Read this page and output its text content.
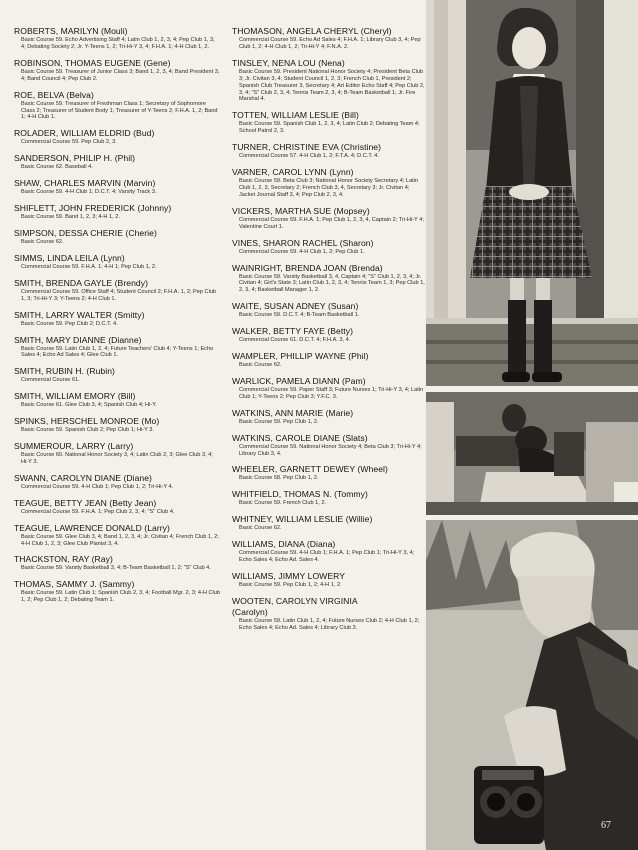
ROBERTS, MARILYN (Mouli)
Basic Course 59. Echo Advertising Staff 4; Latin Club 1, 2, 3, 4; Pep Club 1, 3, 4; Debating Society 2; Jr. Y-Teens 1, 2; Tri-Hi-Y 3, 4; F.H.A. 1; 4-H Club 1, 2.
ROBINSON, THOMAS EUGENE (Gene)
Basic Course 59. Treasurer of Junior Class 3; Band 1, 2, 3, 4; Band President 3, 4; Band Council 4; Pep Club 2.
ROE, BELVA (Belva)
Basic Course 59. Treasurer of Freshman Class 1; Secretary of Sophomore Class 2; Treasurer of Student Body 1; Treasurer of Y-Teens 2; F.H.A. 1, 2; Band 1; 4-H Club 1.
ROLADER, WILLIAM ELDRID (Bud)
Commercial Course 59. Pep Club 2, 3.
SANDERSON, PHILIP H. (Phil)
Basic Course 62. Baseball 4.
SHAW, CHARLES MARVIN (Marvin)
Basic Course 59. 4-H Club 1; D.C.T. 4; Varsity Track 3.
SHIFLETT, JOHN FREDERICK (Johnny)
Basic Course 59. Band 1, 2, 3; 4-H 1, 2.
SIMPSON, DESSA CHERIE (Cherie)
Basic Course 62.
SIMMS, LINDA LEILA (Lynn)
Commercial Course 59. F.H.A. 1; 4-H 1; Pep Club 1, 2.
SMITH, BRENDA GAYLE (Brendy)
Commercial Course 59. Office Staff 4; Student Council 2; F.H.A. 1, 2; Pep Club 1, 3; Tri-Hi-Y 3; Y-Teens 2; 4-H Club 1.
SMITH, LARRY WALTER (Smitty)
Basic Course 59. Pep Club 2; D.C.T. 4.
SMITH, MARY DIANNE (Dianne)
Basic Course 59. Latin Club 1, 2, 4; Future Teachers' Club 4; Y-Teens 1; Echo Sales 4; Echo Ad Sales 4; Glee Club 1.
SMITH, RUBIN H. (Rubin)
Commercial Course 61.
SMITH, WILLIAM EMORY (Bill)
Basic Course 61. Glee Club 3, 4; Spanish Club 4; Hi-Y.
SPINKS, HERSCHEL MONROE (Mo)
Basic Course 59. Spanish Club 2; Pep Club 1; Hi-Y 3.
SUMMEROUR, LARRY (Larry)
Basic Course 60. National Honor Society 3, 4; Latin Club 2, 3; Glee Club 3, 4; Hi-Y 3.
SWANN, CAROLYN DIANE (Diane)
Commercial Course 59. 4-H Club 1; Pep Club 1, 2; Tri-Hi-Y 4.
TEAGUE, BETTY JEAN (Betty Jean)
Commercial Course 59. F.H.A. 1; Pep Club 2, 3, 4; "S" Club 4.
TEAGUE, LAWRENCE DONALD (Larry)
Basic Course 59. Glee Club 3, 4; Band 1, 2, 3, 4; Jr. Civitan 4; French Club 1, 2; 4-H Club 1, 2, 3; Glee Club Pianist 3, 4.
THACKSTON, RAY (Ray)
Basic Course 59. Varsity Basketball 3, 4; B-Team Basketball 1, 2; "S" Club 4.
THOMAS, SAMMY J. (Sammy)
Basic Course 59. Latin Club 1; Spanish Club 2, 3, 4; Football Mgr. 2, 3; 4-H Club 1, 2; Pep Club 1, 2; Debating Team 1.
THOMASON, ANGELA CHERYL (Cheryl)
Commercial Course 59. Echo Ad Sales 4; F.H.A. 1; Library Club 3, 4; Pep Club 1, 2; 4-H Club 1, 2; Tri-Hi-Y 4; F.N.A. 2.
TINSLEY, NENA LOU (Nena)
Basic Course 59. President National Honor Society 4; President Beta Club 3; Jr. Civitan 3, 4; Student Council 1, 2, 3; French Club 1, President 2; Spanish Club Treasurer 3, Secretary 4; Art Editor Echo Staff 4; Pep Club 2, 3, 4; "S" Club 2, 3, 4; Tennis Team 2, 3, 4; B-Team Basketball 1; Jr. Fire Marshal 4.
TOTTEN, WILLIAM LESLIE (Bill)
Basic Course 59. Spanish Club 1, 2, 3, 4; Latin Club 2; Debating Team 4; School Patrol 2, 3.
TURNER, CHRISTINE EVA (Christine)
Commercial Course 57. 4-H Club 1, 2; F.T.A. 4; D.C.T. 4.
VARNER, CAROL LYNN (Lynn)
Basic Course 59. Beta Club 3; National Honor Society Secretary 4; Latin Club 1, 2, 3, Secretary 2; French Club 3, 4, Secretary 3; Jr. Civitan 4; Jacket Journal Staff 3, 4; Pep Club 2, 3, 4.
VICKERS, MARTHA SUE (Mopsey)
Commercial Course 59. F.H.A. 1; Pep Club 1, 2, 3, 4, Captain 2; Tri-Hi-Y 4; Valentine Court 1.
VINES, SHARON RACHEL (Sharon)
Commercial Course 59. 4-H Club 1, 2; Pep Club 1.
WAINRIGHT, BRENDA JOAN (Brenda)
Basic Course 59. Varsity Basketball 3, 4, Captain 4; "S" Club 1, 2, 3, 4; Jr. Civitan 4; Girl's State 3; Latin Club 1, 2, 3, 4; Tennis Team 1, 3; Pep Club 1, 2, 3, 4; Basketball Manager 1, 2.
WAITE, SUSAN ADNEY (Susan)
Basic Course 59. D.C.T. 4; B-Team Basketball 1.
WALKER, BETTY FAYE (Betty)
Commercial Course 61. D.C.T. 4; F.H.A. 3, 4.
WAMPLER, PHILLIP WAYNE (Phil)
Basic Course 62.
WARLICK, PAMELA DIANN (Pam)
Commercial Course 59. Paper Staff 3; Future Nurses 1; Tri-Hi-Y 3, 4; Latin Club 1; Y-Teens 2; Pep Club 3; Y.F.C. 3.
WATKINS, ANN MARIE (Marie)
Basic Course 59. Pep Club 1, 2.
WATKINS, CAROLE DIANE (Slats)
Commercial Course 59. National Honor Society 4; Beta Club 3; Tri-Hi-Y 4; Library Club 3, 4.
WHEELER, GARNETT DEWEY (Wheel)
Basic Course 58. Pep Club 1, 2.
WHITFIELD, THOMAS N. (Tommy)
Basic Course 59. French Club 1, 2.
WHITNEY, WILLIAM LESLIE (Willie)
Basic Course 62.
WILLIAMS, DIANA (Diana)
Commercial Course 59. 4-H Club 1; F.H.A. 1; Pep Club 1; Tri-Hi-Y 3, 4; Echo Sales 4; Echo Ad. Sales 4.
WILLIAMS, JIMMY LOWERY
Basic Course 59. Pep Club 1, 2; 4-H 1, 2.
WOOTEN, CAROLYN VIRGINIA
(Carolyn)
Basic Course 59. Latin Club 1, 2, 4; Future Nurses Club 2; 4-H Club 1, 2; Echo Sales 4; Echo Ad. Sales 4; Library Club 3.
67
